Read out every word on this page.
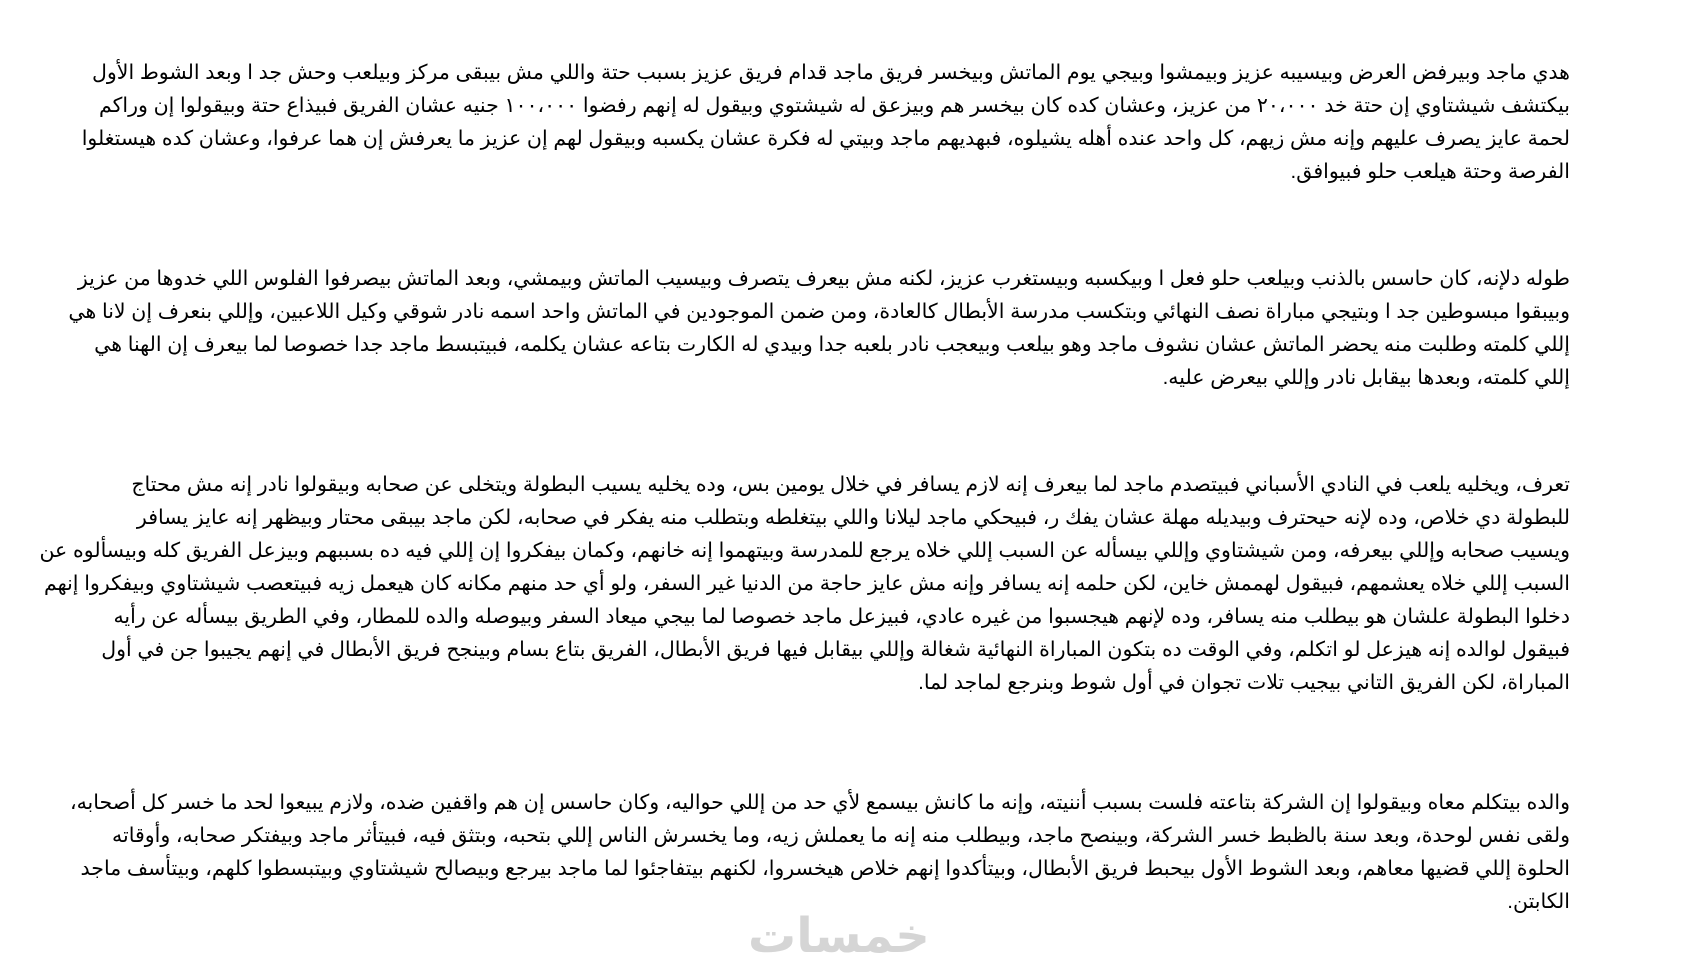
هدي ماجد وبيرفض العرض وبيسيبه عزيز وبيمشوا وبيجي يوم الماتش وبيخسر فريق ماجد قدام فريق عزيز بسبب حتة واللي مش بيبقى مركز وبيلعب وحش جد ا وبعد الشوط الأول
بيكتشف شيشتاوي إن حتة خد ٢٠،٠٠٠ من عزيز، وعشان كده كان بيخسر هم وبيزعق له شيشتوي وبيقول له إنهم رفضوا ١٠٠،٠٠٠ جنيه عشان الفريق فبيذاع حتة وبيقولوا إن وراكم
لحمة عايز يصرف عليهم وإنه مش زيهم، كل واحد عنده أهله يشيلوه، فبهديهم ماجد وبيتي له فكرة عشان يكسبه وبيقول لهم إن عزيز ما يعرفش إن هما عرفوا، وعشان كده هيستغلوا
الفرصة وحتة هيلعب حلو فبيوافق.
طوله دلإنه، كان حاسس بالذنب وبيلعب حلو فعل ا وبيكسبه وبيستغرب عزيز، لكنه مش بيعرف يتصرف وبيسيب الماتش وبيمشي، وبعد الماتش بيصرفوا الفلوس اللي خدوها من عزيز
وبيبقوا مبسوطين جد ا وبتيجي مباراة نصف النهائي وبتكسب مدرسة الأبطال كالعادة، ومن ضمن الموجودين في الماتش واحد اسمه نادر شوقي وكيل اللاعبين، وإللي بنعرف إن لانا هي
إللي كلمته وطلبت منه يحضر الماتش عشان نشوف ماجد وهو بيلعب وبيعجب نادر بلعبه جدا وبيدي له الكارت بتاعه عشان يكلمه، فبيتبسط ماجد جدا خصوصا لما بيعرف إن الهنا هي
إللي كلمته، وبعدها بيقابل نادر وإللي بيعرض عليه.
تعرف، ويخليه يلعب في النادي الأسباني فبيتصدم ماجد لما بيعرف إنه لازم يسافر في خلال يومين بس، وده يخليه يسيب البطولة ويتخلى عن صحابه وبيقولوا نادر إنه مش محتاج
للبطولة دي خلاص، وده لإنه حيحترف وبيديله مهلة عشان يفك ر، فبيحكي ماجد ليلانا واللي بيتغلطه وبتطلب منه يفكر في صحابه، لكن ماجد بيبقى محتار وبيظهر إنه عايز يسافر
ويسيب صحابه وإللي بيعرفه، ومن شيشتاوي وإللي بيسأله عن السبب إللي خلاه يرجع للمدرسة وبيتهموا إنه خانهم، وكمان بيفكروا إن إللي فيه ده بسببهم وبيزعل الفريق كله وبيسألوه عن
السبب إللي خلاه يعشمهم، فبيقول لهممش خاين، لكن حلمه إنه يسافر وإنه مش عايز حاجة من الدنيا غير السفر، ولو أي حد منهم مكانه كان هيعمل زيه فبيتعصب شيشتاوي وبيفكروا إنهم
دخلوا البطولة علشان هو بيطلب منه يسافر، وده لإنهم هيجسبوا من غيره عادي، فبيزعل ماجد خصوصا لما بيجي ميعاد السفر وبيوصله والده للمطار، وفي الطريق بيسأله عن رأيه
فبيقول لوالده إنه هيزعل لو اتكلم، وفي الوقت ده بتكون المباراة النهائية شغالة وإللي بيقابل فيها فريق الأبطال، الفريق بتاع بسام وبينجح فريق الأبطال في إنهم يجيبوا جن في أول
المباراة، لكن الفريق التاني بيجيب تلات تجوان في أول شوط وبنرجع لماجد لما.
والده بيتكلم معاه وبيقولوا إن الشركة بتاعته فلست بسبب أننيته، وإنه ما كانش بيسمع لأي حد من إللي حواليه، وكان حاسس إن هم واقفين ضده، ولازم يبيعوا لحد ما خسر كل أصحابه،
ولقى نفس لوحدة، وبعد سنة بالظبط خسر الشركة، وبينصح ماجد، وبيطلب منه إنه ما يعملش زيه، وما يخسرش الناس إللي بتحبه، وبتثق فيه، فبيتأثر ماجد وبيفتكر صحابه، وأوقاته
الحلوة إللي قضيها معاهم، وبعد الشوط الأول بيحبط فريق الأبطال، وبيتأكدوا إنهم خلاص هيخسروا، لكنهم بيتفاجئوا لما ماجد بيرجع وبيصالح شيشتاوي وبيتبسطوا كلهم، وبيتأسف ماجد
الكابتن.
خمسات
